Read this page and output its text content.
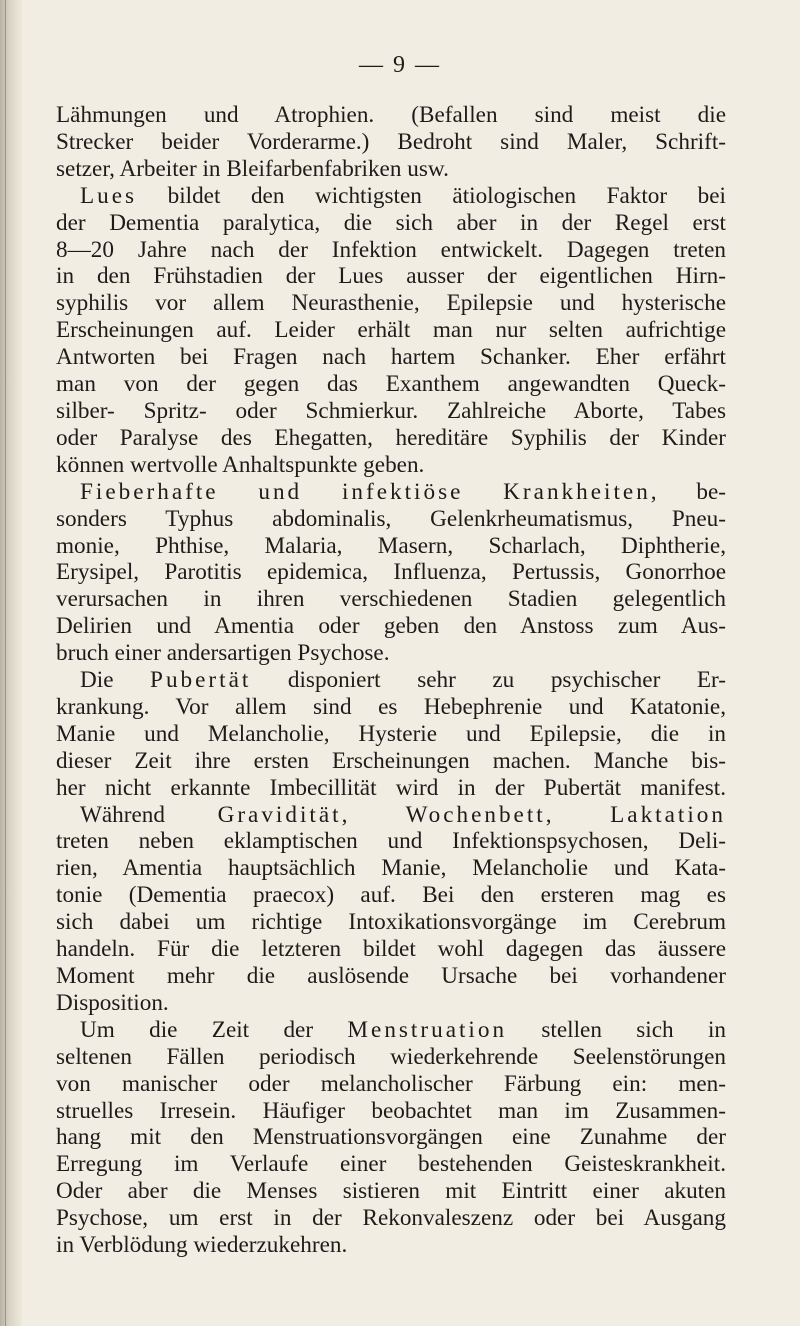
— 9 —
Lähmungen und Atrophien. (Befallen sind meist die
Strecker beider Vorderarme.) Bedroht sind Maler, Schrift-
setzer, Arbeiter in Bleifarbenfabriken usw.
Lues bildet den wichtigsten ätiologischen Faktor bei
der Dementia paralytica, die sich aber in der Regel erst
8—20 Jahre nach der Infektion entwickelt. Dagegen treten
in den Frühstadien der Lues ausser der eigentlichen Hirn-
syphilis vor allem Neurasthenie, Epilepsie und hysterische
Erscheinungen auf. Leider erhält man nur selten aufrichtige
Antworten bei Fragen nach hartem Schanker. Eher erfährt
man von der gegen das Exanthem angewandten Queck-
silber- Spritz- oder Schmierkur. Zahlreiche Aborte, Tabes
oder Paralyse des Ehegatten, hereditäre Syphilis der Kinder
können wertvolle Anhaltspunkte geben.
Fieberhafte und infektiöse Krankheiten, be-
sonders Typhus abdominalis, Gelenkrheumatismus, Pneu-
monie, Phthise, Malaria, Masern, Scharlach, Diphtherie,
Erysipel, Parotitis epidemica, Influenza, Pertussis, Gonorrhoe
verursachen in ihren verschiedenen Stadien gelegentlich
Delirien und Amentia oder geben den Anstoss zum Aus-
bruch einer andersartigen Psychose.
Die Pubertät disponiert sehr zu psychischer Er-
krankung. Vor allem sind es Hebephrenie und Katatonie,
Manie und Melancholie, Hysterie und Epilepsie, die in
dieser Zeit ihre ersten Erscheinungen machen. Manche bis-
her nicht erkannte Imbecillität wird in der Pubertät manifest.
Während Gravidität, Wochenbett, Laktation
treten neben eklamptischen und Infektionspsychosen, Deli-
rien, Amentia hauptsächlich Manie, Melancholie und Kata-
tonie (Dementia praecox) auf. Bei den ersteren mag es
sich dabei um richtige Intoxikationsvorgänge im Cerebrum
handeln. Für die letzteren bildet wohl dagegen das äussere
Moment mehr die auslösende Ursache bei vorhandener
Disposition.
Um die Zeit der Menstruation stellen sich in
seltenen Fällen periodisch wiederkehrende Seelenstörungen
von manischer oder melancholischer Färbung ein: men-
struelles Irresein. Häufiger beobachtet man im Zusammen-
hang mit den Menstruationsvorgängen eine Zunahme der
Erregung im Verlaufe einer bestehenden Geisteskrankheit.
Oder aber die Menses sistieren mit Eintritt einer akuten
Psychose, um erst in der Rekonvaleszenz oder bei Ausgang
in Verblödung wiederzukehren.
